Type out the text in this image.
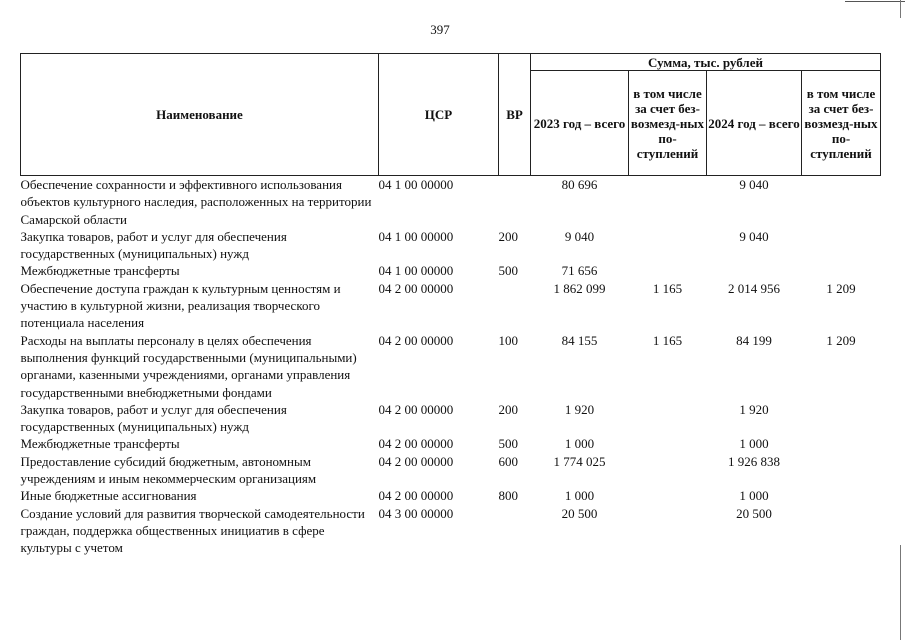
397
Наименование	ЦСР	ВР	Сумма, тыс. рублей			
			2023 год – всего	в том числе за счет без-возмезд-ных по-ступлений	2024 год – всего	в том числе за счет без-возмезд-ных по-ступлений
Обеспечение сохранности и эффективного использования объектов культурного наследия, расположенных на территории Самарской области	04 1 00 00000		80 696		9 040	
Закупка товаров, работ и услуг для обеспечения государственных (муниципальных) нужд	04 1 00 00000	200	9 040		9 040	
Межбюджетные трансферты	04 1 00 00000	500	71 656			
Обеспечение доступа граждан к культурным ценностям и участию в культурной жизни, реализация творческого потенциала населения	04 2 00 00000		1 862 099	1 165	2 014 956	1 209
Расходы на выплаты персоналу в целях обеспечения выполнения функций государственными (муниципальными) органами, казенными учреждениями, органами управления государственными внебюджетными фондами	04 2 00 00000	100	84 155	1 165	84 199	1 209
Закупка товаров, работ и услуг для обеспечения государственных (муниципальных) нужд	04 2 00 00000	200	1 920		1 920	
Межбюджетные трансферты	04 2 00 00000	500	1 000		1 000	
Предоставление субсидий бюджетным, автономным учреждениям и иным некоммерческим организациям	04 2 00 00000	600	1 774 025		1 926 838	
Иные бюджетные ассигнования	04 2 00 00000	800	1 000		1 000	
Создание условий для развития творческой самодеятельности граждан, поддержка общественных инициатив в сфере культуры с учетом	04 3 00 00000		20 500		20 500	
